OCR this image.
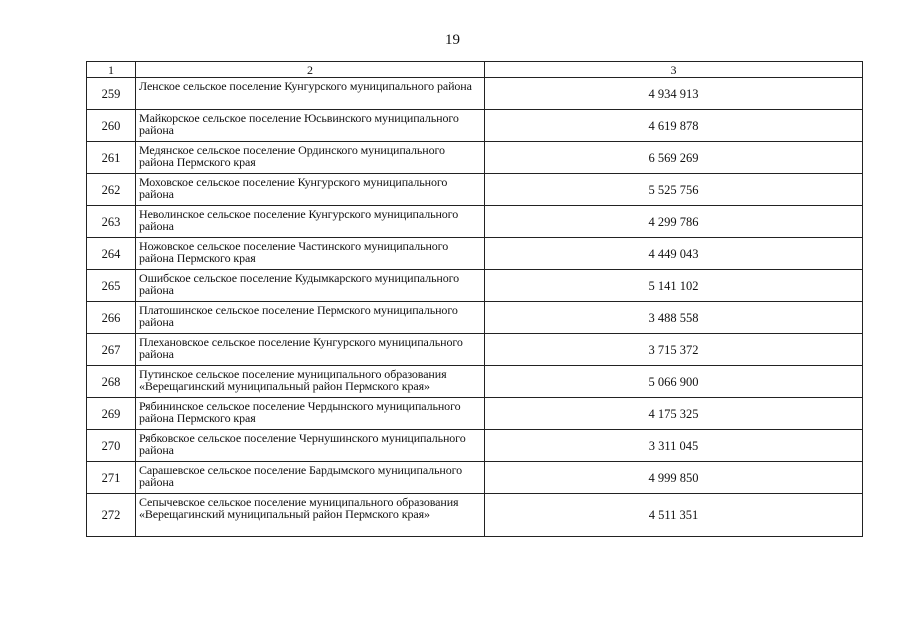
19
1	2	3
259	Ленское сельское поселение Кунгурского муниципального района	4 934 913
260	Майкорское сельское поселение Юсьвинского муниципального района	4 619 878
261	Медянское сельское поселение Ординского муниципального района Пермского края	6 569 269
262	Моховское сельское поселение Кунгурского муниципального района	5 525 756
263	Неволинское сельское поселение Кунгурского муниципального района	4 299 786
264	Ножовское сельское поселение Частинского муниципального района Пермского края	4 449 043
265	Ошибское сельское поселение Кудымкарского муниципального района	5 141 102
266	Платошинское сельское поселение Пермского муниципального района	3 488 558
267	Плехановское сельское поселение Кунгурского муниципального района	3 715 372
268	Путинское сельское поселение муниципального образования «Верещагинский муниципальный район Пермского края»	5 066 900
269	Рябининское сельское поселение Чердынского муниципального района Пермского края	4 175 325
270	Рябковское сельское поселение Чернушинского муниципального района	3 311 045
271	Сарашевское сельское поселение Бардымского муниципального района	4 999 850
272	Сепычевское сельское поселение муниципального образования «Верещагинский муниципальный район Пермского края»	4 511 351
